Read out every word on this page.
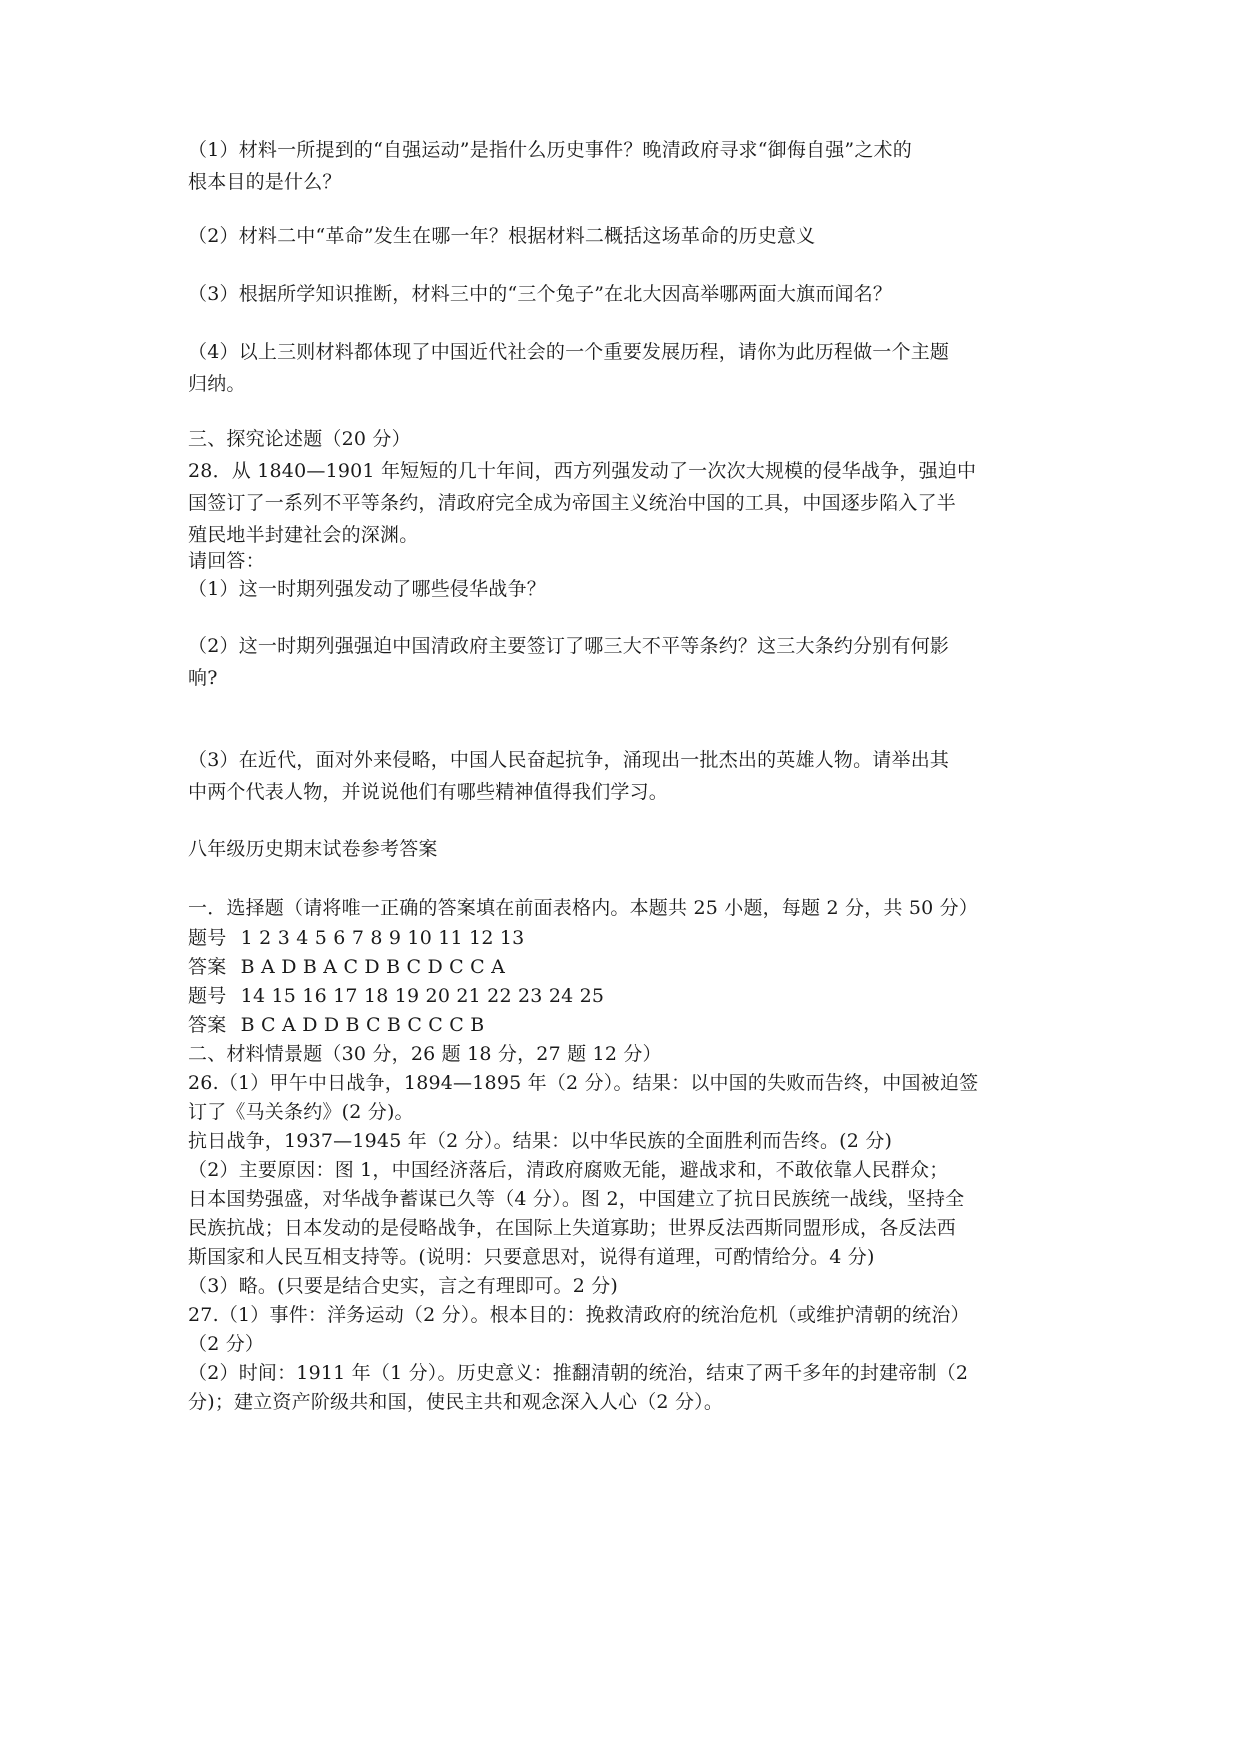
（1）材料一所提到的“自强运动”是指什么历史事件？晚清政府寻求“御侮自强”之术的
根本目的是什么？
（2）材料二中“革命”发生在哪一年？根据材料二概括这场革命的历史意义
（3）根据所学知识推断，材料三中的“三个兔子”在北大因高举哪两面大旗而闻名？
（4）以上三则材料都体现了中国近代社会的一个重要发展历程，请你为此历程做一个主题
归纳。
三、探究论述题（20 分）
28．从 1840—1901 年短短的几十年间，西方列强发动了一次次大规模的侵华战争，强迫中
国签订了一系列不平等条约，清政府完全成为帝国主义统治中国的工具，中国逐步陷入了半
殖民地半封建社会的深渊。
请回答：
（1）这一时期列强发动了哪些侵华战争？
（2）这一时期列强强迫中国清政府主要签订了哪三大不平等条约？这三大条约分别有何影
响?
（3）在近代，面对外来侵略，中国人民奋起抗争，涌现出一批杰出的英雄人物。请举出其
中两个代表人物，并说说他们有哪些精神值得我们学习。
八年级历史期末试卷参考答案
一．选择题（请将唯一正确的答案填在前面表格内。本题共 25 小题，每题 2 分，共 50 分）
题号 1 2 3 4 5 6 7 8 9 10 11 12 13
答案 B A D B A C D B C D C C A
题号 14 15 16 17 18 19 20 21 22 23 24 25
答案 B C A D D B C B C C C B
二、材料情景题（30 分，26 题 18 分，27 题 12 分）
26.（1）甲午中日战争，1894—1895 年（2 分）。结果：以中国的失败而告终，中国被迫签
订了《马关条约》(2 分)。
抗日战争，1937—1945 年（2 分）。结果：以中华民族的全面胜利而告终。(2 分)
（2）主要原因：图 1，中国经济落后，清政府腐败无能，避战求和，不敢依靠人民群众；
日本国势强盛，对华战争蓄谋已久等（4 分）。图 2，中国建立了抗日民族统一战线，坚持全
民族抗战；日本发动的是侵略战争，在国际上失道寡助；世界反法西斯同盟形成，各反法西
斯国家和人民互相支持等。(说明：只要意思对，说得有道理，可酌情给分。4 分)
（3）略。(只要是结合史实，言之有理即可。2 分)
27.（1）事件：洋务运动（2 分）。根本目的：挽救清政府的统治危机（或维护清朝的统治）
（2 分）
（2）时间：1911 年（1 分）。历史意义：推翻清朝的统治，结束了两千多年的封建帝制（2
分)；建立资产阶级共和国，使民主共和观念深入人心（2 分）。
